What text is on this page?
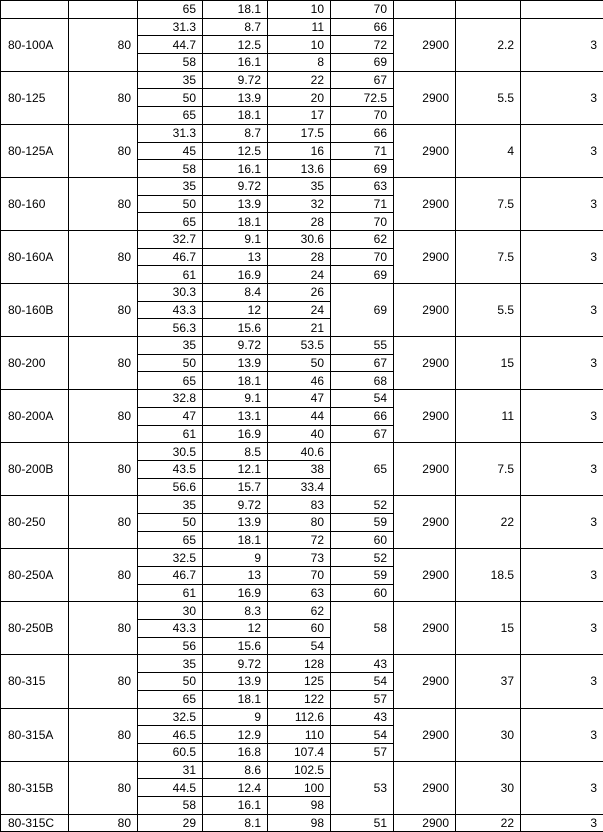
		65	18.1	10	70			
80-100A	80	31.3	8.7	11	66	2900	2.2	3
		44.7	12.5	10	72			
		58	16.1	8	69			
80-125	80	35	9.72	22	67	2900	5.5	3
		50	13.9	20	72.5			
		65	18.1	17	70			
80-125A	80	31.3	8.7	17.5	66	2900	4	3
		45	12.5	16	71			
		58	16.1	13.6	69			
80-160	80	35	9.72	35	63	2900	7.5	3
		50	13.9	32	71			
		65	18.1	28	70			
80-160A	80	32.7	9.1	30.6	62	2900	7.5	3
		46.7	13	28	70			
		61	16.9	24	69			
80-160B	80	30.3	8.4	26	69	2900	5.5	3
		43.3	12	24				
		56.3	15.6	21				
80-200	80	35	9.72	53.5	55	2900	15	3
		50	13.9	50	67			
		65	18.1	46	68			
80-200A	80	32.8	9.1	47	54	2900	11	3
		47	13.1	44	66			
		61	16.9	40	67			
80-200B	80	30.5	8.5	40.6	65	2900	7.5	3
		43.5	12.1	38				
		56.6	15.7	33.4				
80-250	80	35	9.72	83	52	2900	22	3
		50	13.9	80	59			
		65	18.1	72	60			
80-250A	80	32.5	9	73	52	2900	18.5	3
		46.7	13	70	59			
		61	16.9	63	60			
80-250B	80	30	8.3	62	58	2900	15	3
		43.3	12	60				
		56	15.6	54				
80-315	80	35	9.72	128	43	2900	37	3
		50	13.9	125	54			
		65	18.1	122	57			
80-315A	80	32.5	9	112.6	43	2900	30	3
		46.5	12.9	110	54			
		60.5	16.8	107.4	57			
80-315B	80	31	8.6	102.5	53	2900	30	3
		44.5	12.4	100				
		58	16.1	98				
80-315C	80	29	8.1	98	51	2900	22	3
